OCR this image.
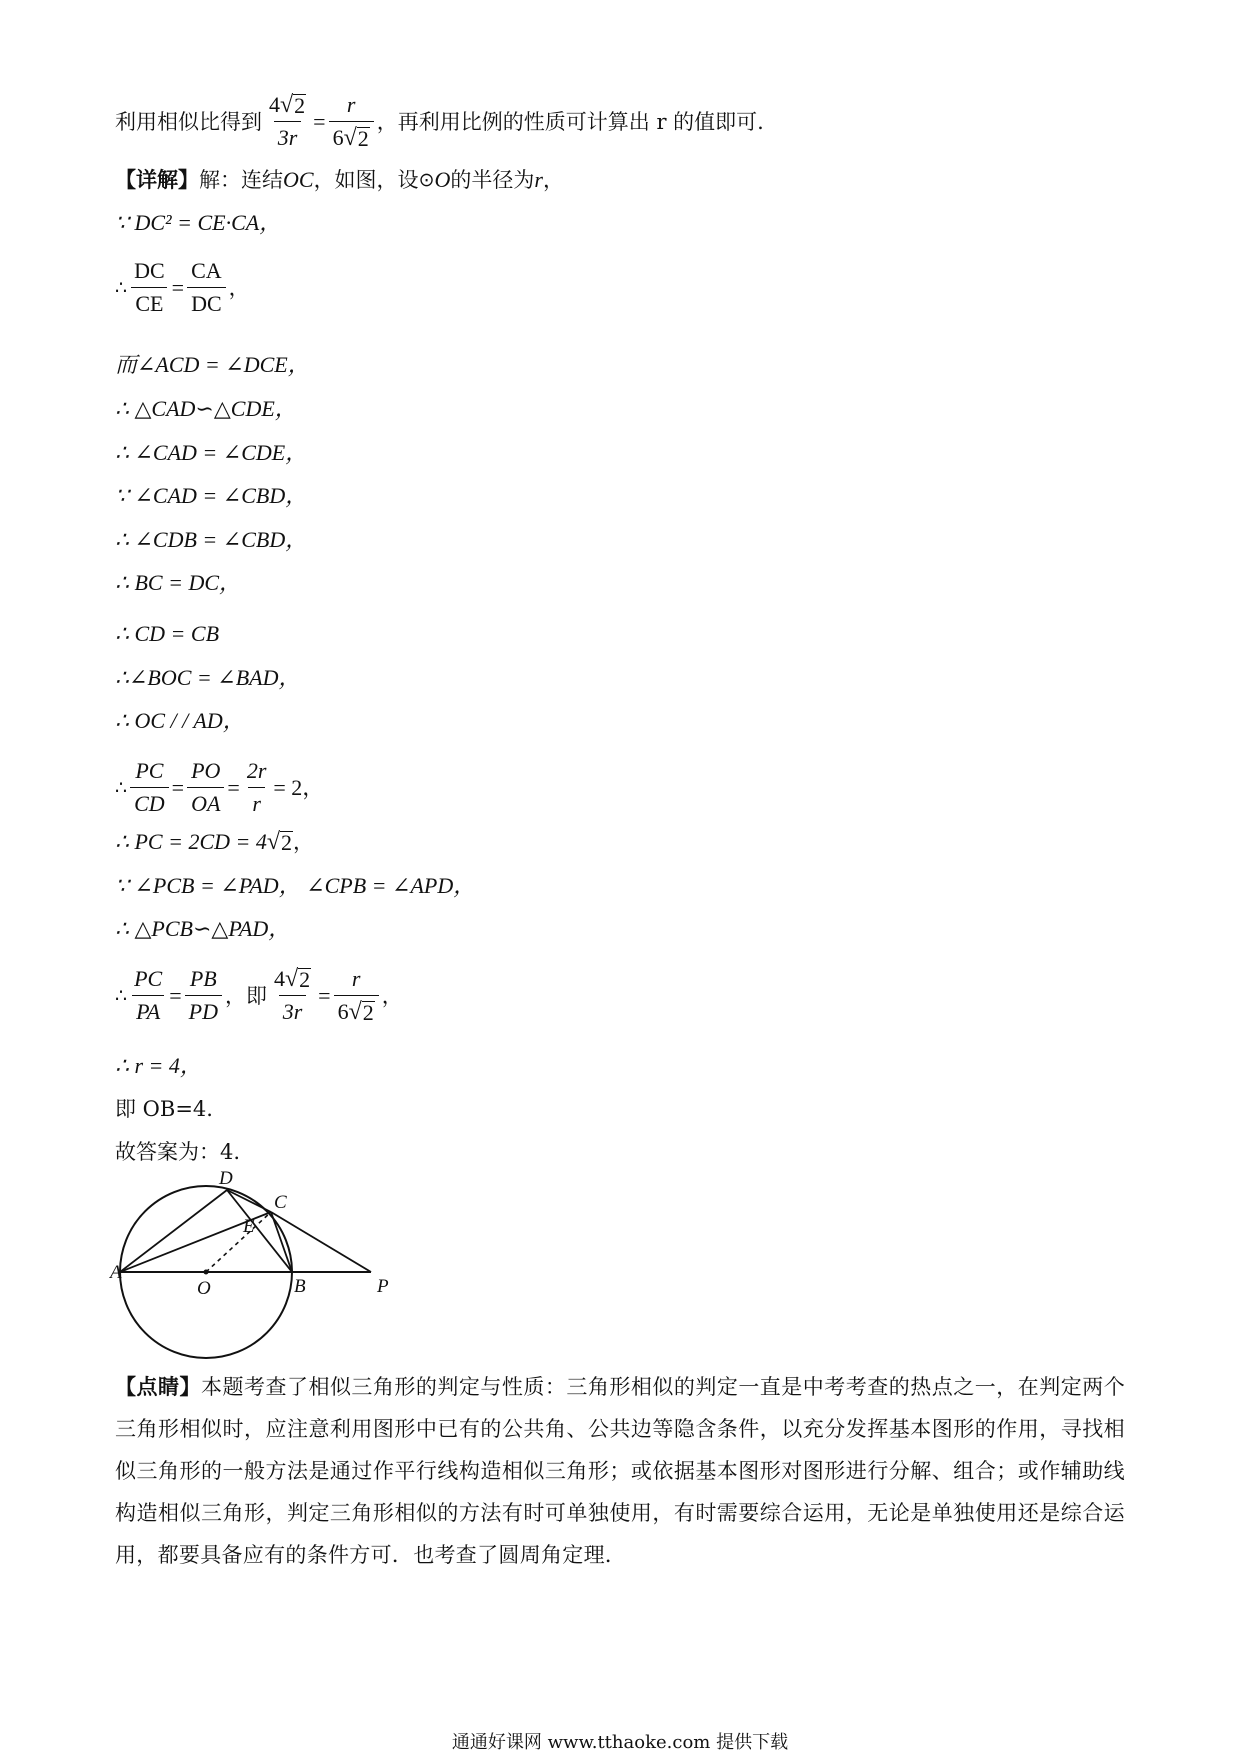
利用相似比得到 $\frac{4 √ 2}{3r} = \frac{r}{6 √ 2}$ ，再利用比例的性质可计算出 r 的值即可.
【详解】 解：连结 OC ，如图，设 ⊙ O 的半径为 r ，
∵ DC² = CE·CA，
∴ $\frac{DC}{CE} = \frac{CA}{DC}$ ，
而∠ACD = ∠DCE，
∴ △CAD∽△CDE，
∴ ∠CAD = ∠CDE，
∵ ∠CAD = ∠CBD，
∴ ∠CDB = ∠CBD，
∴ BC = DC，
∴ CD = CB
∴∠BOC = ∠BAD，
∴ OC / / AD，
∴ $\frac{PC}{CD} = \frac{PO}{OA} = \frac{2r}{r} = 2$，
∴ PC = 2CD = 4 √ 2 ，
∵ ∠PCB = ∠PAD， ∠CPB = ∠APD，
∴ △PCB∽△PAD，
∴ $\frac{PC}{PA} = \frac{PB}{PD}$ ，即 $\frac{4 √ 2}{3r} = \frac{r}{6 √ 2}$ ，
∴ r = 4，
即 OB=4.
故答案为：4.
A
D
C
E
O	B	P
【点睛】本题考查了相似三角形的判定与性质：三角形相似的判定一直是中考考查的热点之一，在判定两个三角形相似时，应注意利用图形中已有的公共角、公共边等隐含条件，以充分发挥基本图形的作用，寻找相似三角形的一般方法是通过作平行线构造相似三角形；或依据基本图形对图形进行分解、组合；或作辅助线构造相似三角形，判定三角形相似的方法有时可单独使用，有时需要综合运用，无论是单独使用还是综合运用，都要具备应有的条件方可．也考查了圆周角定理．
通通好课网 www.tthaoke.com 提供下载
